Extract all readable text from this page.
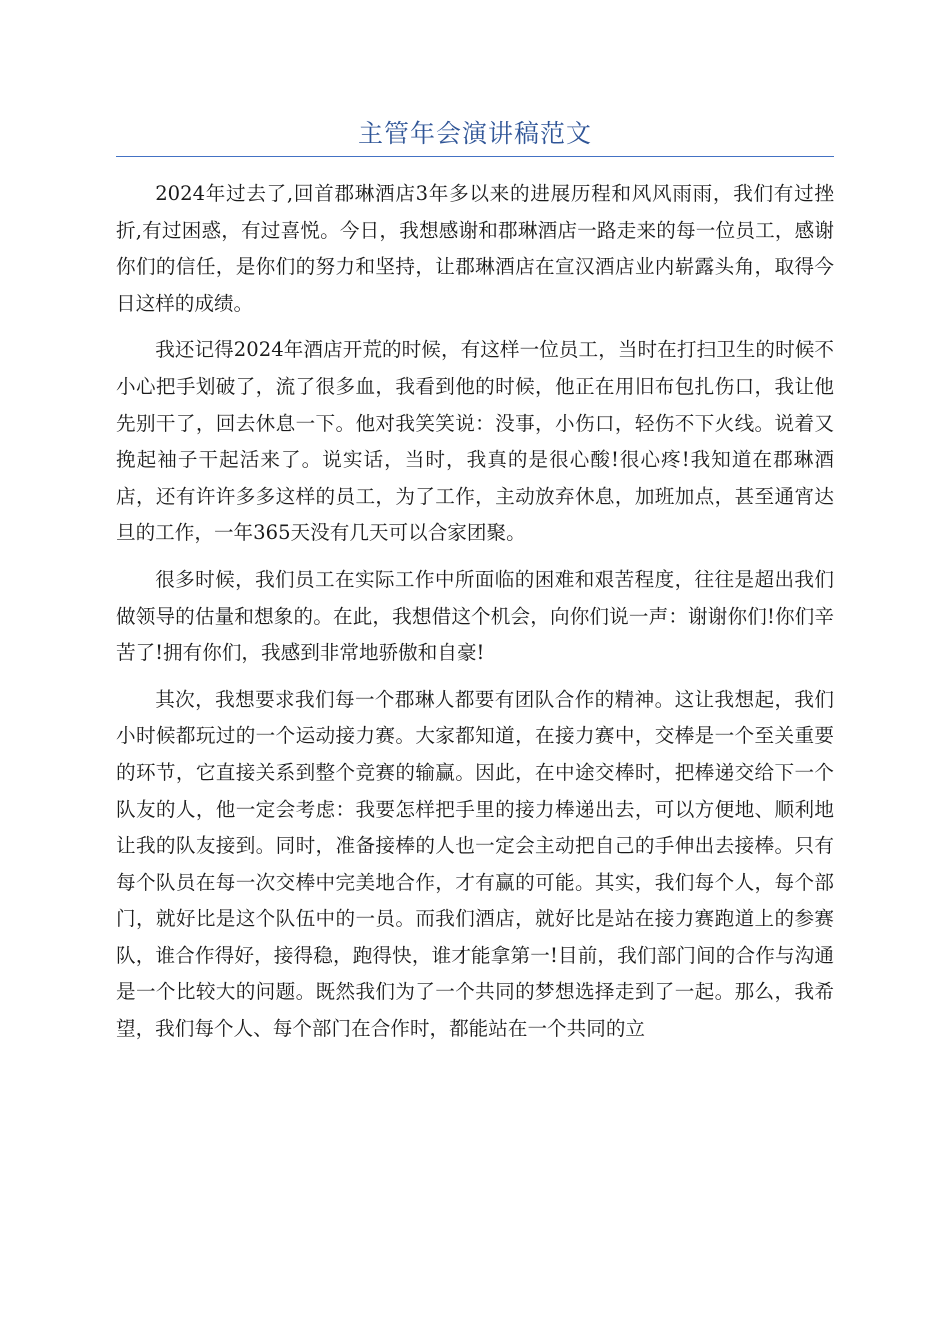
主管年会演讲稿范文

2024年过去了,回首郡琳酒店3年多以来的进展历程和风风雨雨，我们有过挫折,有过困惑，有过喜悦。今日，我想感谢和郡琳酒店一路走来的每一位员工，感谢你们的信任，是你们的努力和坚持，让郡琳酒店在宣汉酒店业内崭露头角，取得今日这样的成绩。

我还记得2024年酒店开荒的时候，有这样一位员工，当时在打扫卫生的时候不小心把手划破了，流了很多血，我看到他的时候，他正在用旧布包扎伤口，我让他先别干了，回去休息一下。他对我笑笑说：没事，小伤口，轻伤不下火线。说着又挽起袖子干起活来了。说实话，当时，我真的是很心酸!很心疼!我知道在郡琳酒店，还有许许多多这样的员工，为了工作，主动放弃休息，加班加点，甚至通宵达旦的工作，一年365天没有几天可以合家团聚。

很多时候，我们员工在实际工作中所面临的困难和艰苦程度，往往是超出我们做领导的估量和想象的。在此，我想借这个机会，向你们说一声：谢谢你们!你们辛苦了!拥有你们，我感到非常地骄傲和自豪!

其次，我想要求我们每一个郡琳人都要有团队合作的精神。这让我想起，我们小时候都玩过的一个运动接力赛。大家都知道，在接力赛中，交棒是一个至关重要的环节，它直接关系到整个竞赛的输赢。因此，在中途交棒时，把棒递交给下一个队友的人，他一定会考虑：我要怎样把手里的接力棒递出去，可以方便地、顺利地让我的队友接到。同时，准备接棒的人也一定会主动把自己的手伸出去接棒。只有每个队员在每一次交棒中完美地合作，才有赢的可能。其实，我们每个人，每个部门，就好比是这个队伍中的一员。而我们酒店，就好比是站在接力赛跑道上的参赛队，谁合作得好，接得稳，跑得快，谁才能拿第一!目前，我们部门间的合作与沟通是一个比较大的问题。既然我们为了一个共同的梦想选择走到了一起。那么，我希望，我们每个人、每个部门在合作时，都能站在一个共同的立
